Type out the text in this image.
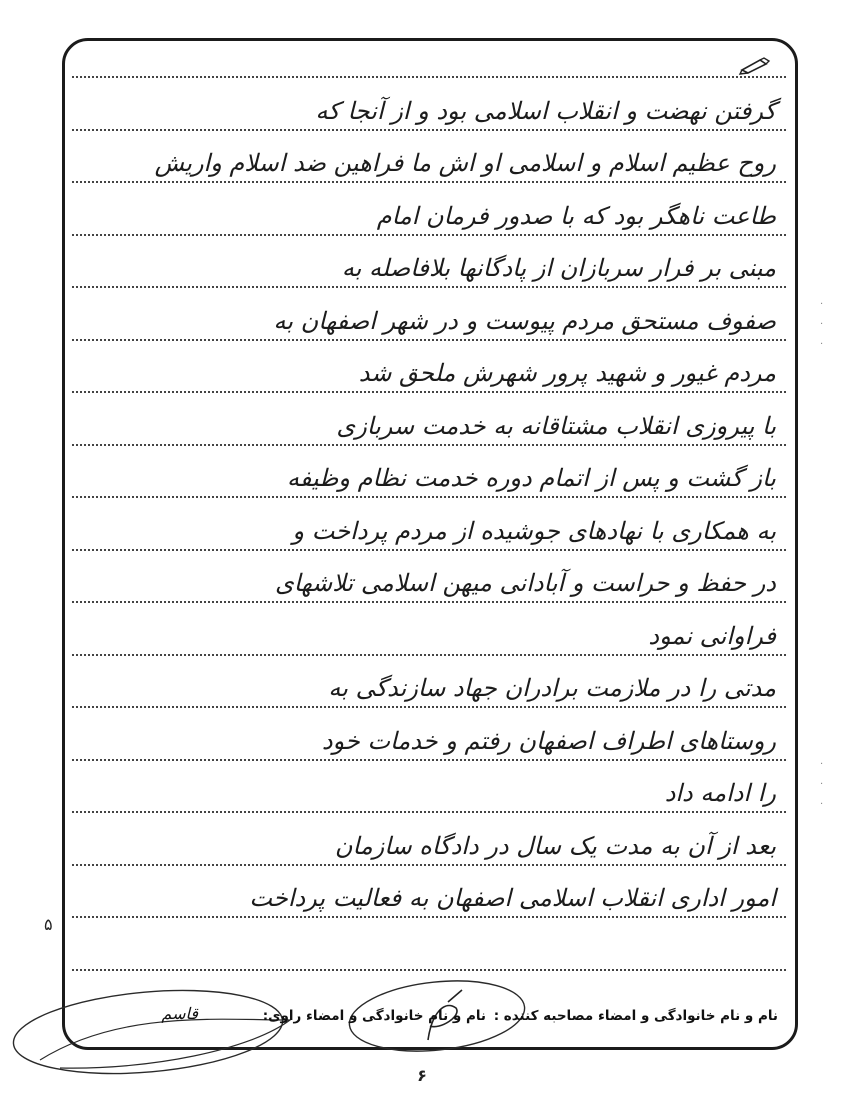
گرفتن نهضت و انقلاب اسلامی بود و از آنجا که
روح عظیم اسلام و اسلامی او اش ما فراهین ضد اسلام واریش
طاعت ناهگر بود که با صدور فرمان امام
مبنی بر فرار سربازان از پادگانها بلافاصله به
صفوف مستحق مردم پیوست و در شهر اصفهان به
مردم غیور و شهید پرور شهرش ملحق شد
با پیروزی انقلاب مشتاقانه به خدمت سربازی
باز گشت و پس از اتمام دوره خدمت نظام وظیفه
به همکاری با نهادهای جوشیده از مردم پرداخت و
در حفظ و حراست و آبادانی میهن اسلامی تلاشهای
فراوانی نمود
مدتی را در ملازمت برادران جهاد سازندگی به
روستاهای اطراف اصفهان رفتم و خدمات خود
را ادامه داد
بعد از آن به مدت یک سال در دادگاه سازمان
امور اداری انقلاب اسلامی اصفهان به فعالیت پرداخت
نام و نام خانوادگی و امضاء مصاحبه کننده :
نام و نام خانوادگی و امضاء راوی:
قاسم
۵
۶
·

·

·
·

·

·
